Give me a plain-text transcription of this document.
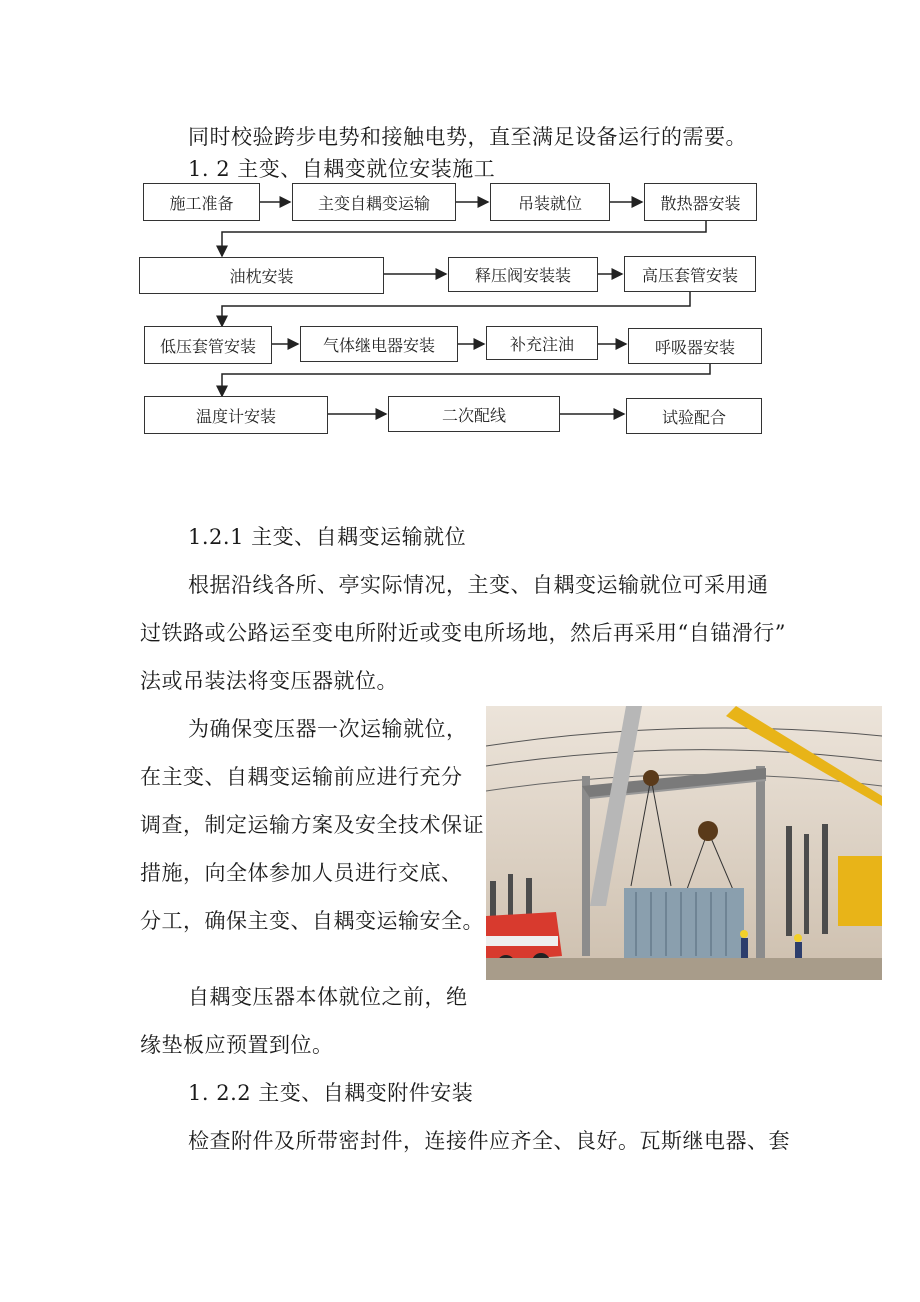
同时校验跨步电势和接触电势，直至满足设备运行的需要。
1. 2 主变、自耦变就位安装施工
施工准备	主变自耦变运输	吊装就位	散热器安装
油枕安装	释压阀安装装	高压套管安装
低压套管安装	气体继电器安装	补充注油	呼吸器安装
温度计安装	二次配线	试验配合
1.2.1 主变、自耦变运输就位
根据沿线各所、亭实际情况，主变、自耦变运输就位可采用通
过铁路或公路运至变电所附近或变电所场地，然后再采用“自锚滑行”
法或吊装法将变压器就位。
为确保变压器一次运输就位，
在主变、自耦变运输前应进行充分
调查，制定运输方案及安全技术保证
措施，向全体参加人员进行交底、
分工，确保主变、自耦变运输安全。
自耦变压器本体就位之前，绝
缘垫板应预置到位。
1. 2.2 主变、自耦变附件安装
检查附件及所带密封件，连接件应齐全、良好。瓦斯继电器、套
